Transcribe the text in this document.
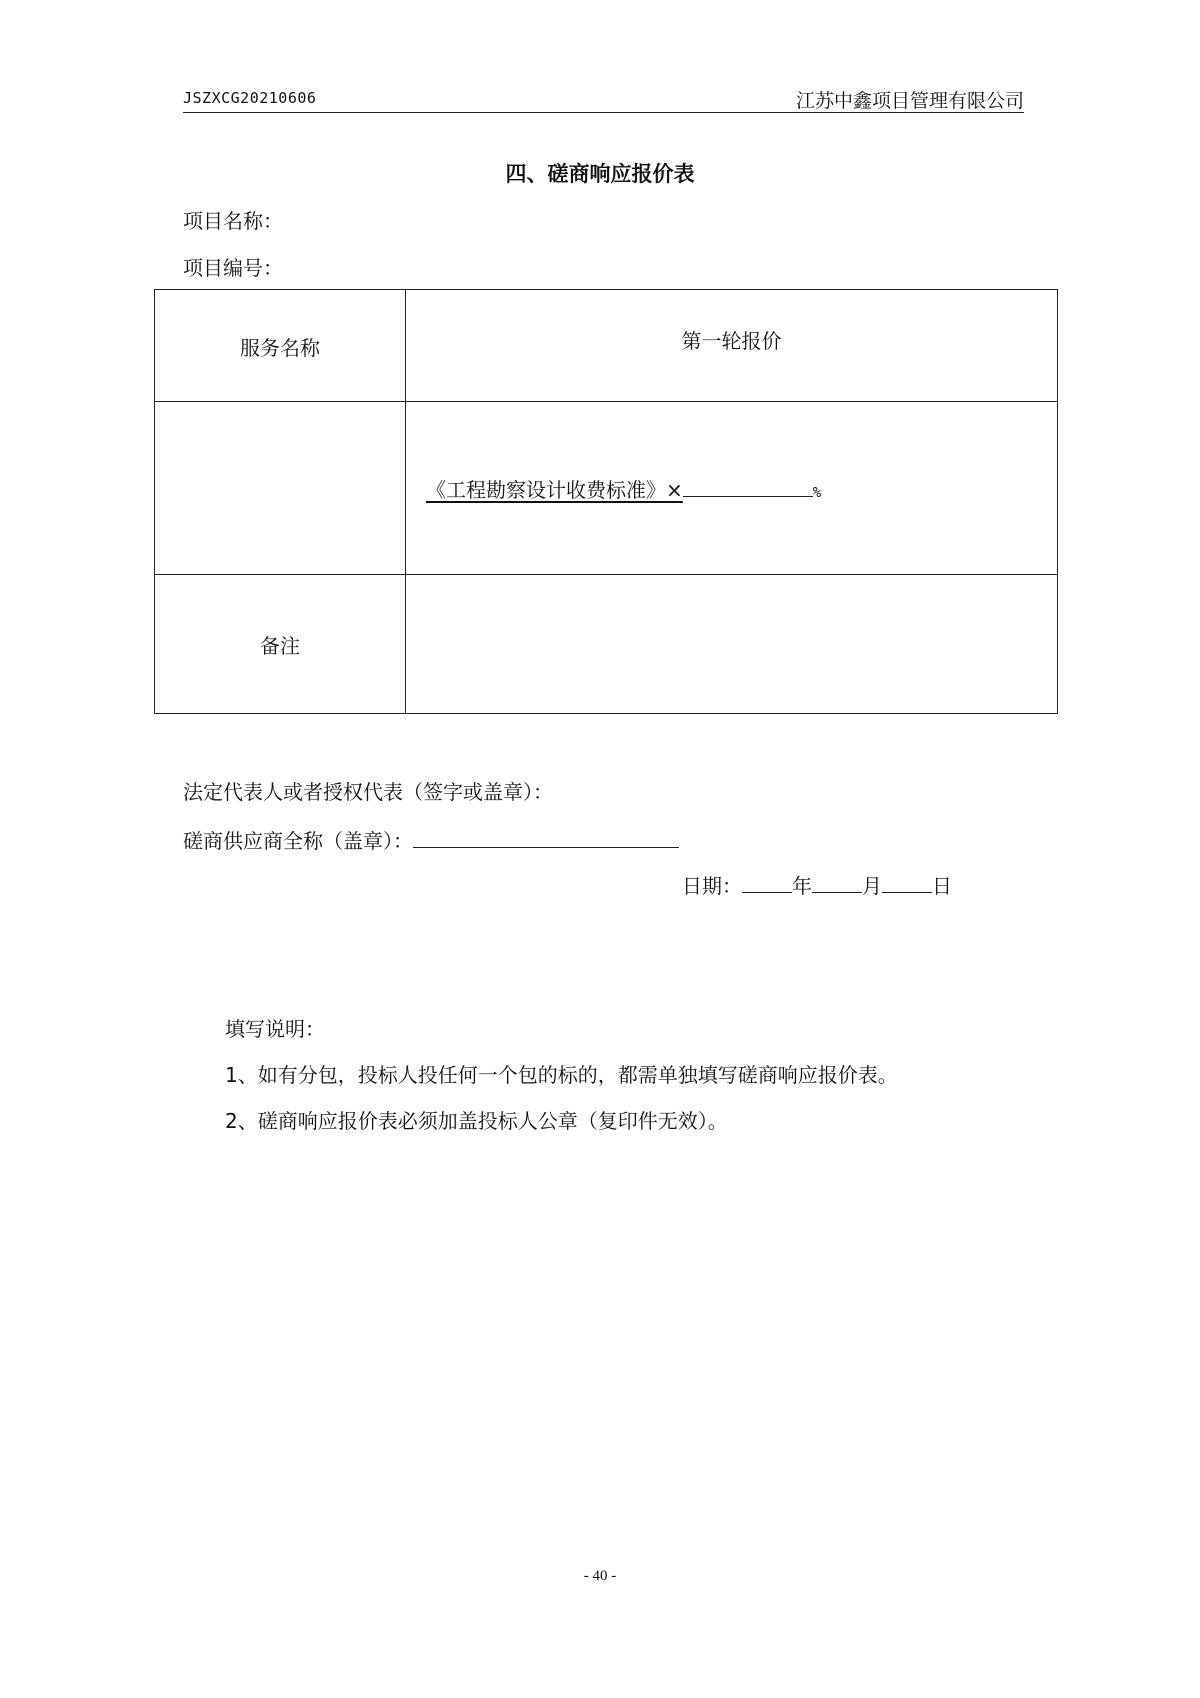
JSZXCG20210606	江苏中鑫项目管理有限公司
四、磋商响应报价表
项目名称：
项目编号：
服务名称	第一轮报价

	《工程勘察设计收费标准》× %

备注	
法定代表人或者授权代表（签字或盖章）：
磋商供应商全称（盖章）：
日期：	年	月	日
填写说明：
1、如有分包，投标人投任何一个包的标的，都需单独填写磋商响应报价表。
2、磋商响应报价表必须加盖投标人公章（复印件无效）。
- 40 -
